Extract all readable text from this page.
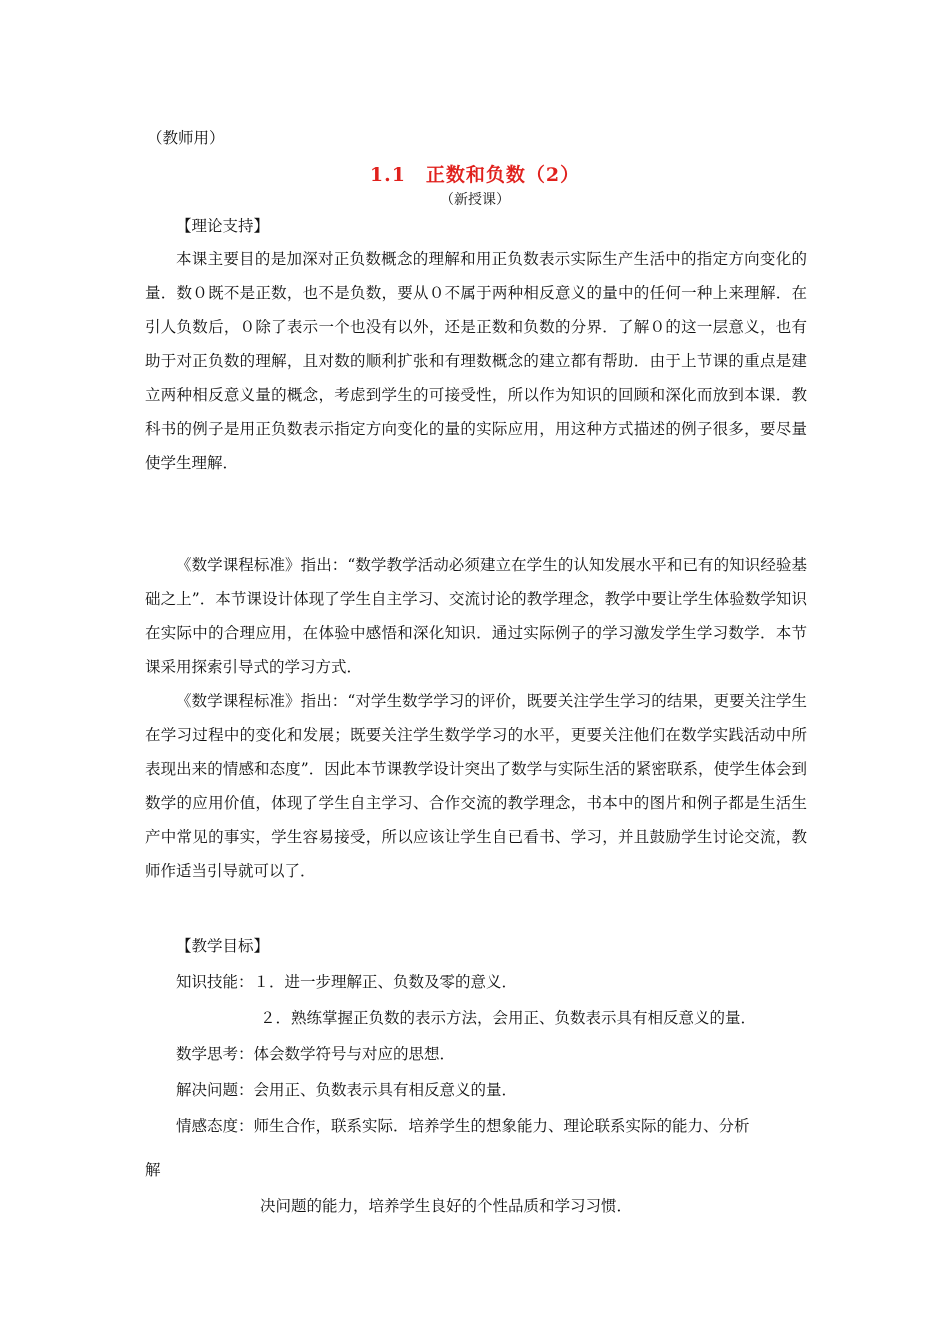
（教师用）
1.1　正数和负数（2）
（新授课）
【理论支持】
本课主要目的是加深对正负数概念的理解和用正负数表示实际生产生活中的指定方向变化的量．数０既不是正数，也不是负数，要从０不属于两种相反意义的量中的任何一种上来理解．在引人负数后，０除了表示一个也没有以外，还是正数和负数的分界．了解０的这一层意义，也有助于对正负数的理解，且对数的顺利扩张和有理数概念的建立都有帮助．由于上节课的重点是建立两种相反意义量的概念，考虑到学生的可接受性，所以作为知识的回顾和深化而放到本课．教科书的例子是用正负数表示指定方向变化的量的实际应用，用这种方式描述的例子很多，要尽量使学生理解．
《数学课程标准》指出：“数学教学活动必须建立在学生的认知发展水平和已有的知识经验基础之上”．本节课设计体现了学生自主学习、交流讨论的教学理念，教学中要让学生体验数学知识在实际中的合理应用，在体验中感悟和深化知识．通过实际例子的学习激发学生学习数学．本节课采用探索引导式的学习方式．
《数学课程标准》指出：“对学生数学学习的评价，既要关注学生学习的结果，更要关注学生在学习过程中的变化和发展；既要关注学生数学学习的水平，更要关注他们在数学实践活动中所表现出来的情感和态度”．因此本节课教学设计突出了数学与实际生活的紧密联系，使学生体会到数学的应用价值，体现了学生自主学习、合作交流的教学理念，书本中的图片和例子都是生活生产中常见的事实，学生容易接受，所以应该让学生自已看书、学习，并且鼓励学生讨论交流，教师作适当引导就可以了．
【教学目标】
知识技能：１．进一步理解正、负数及零的意义．
２．熟练掌握正负数的表示方法，会用正、负数表示具有相反意义的量．
数学思考：体会数学符号与对应的思想．
解决问题：会用正、负数表示具有相反意义的量．
情感态度：师生合作，联系实际．培养学生的想象能力、理论联系实际的能力、分析
解
决问题的能力，培养学生良好的个性品质和学习习惯．
